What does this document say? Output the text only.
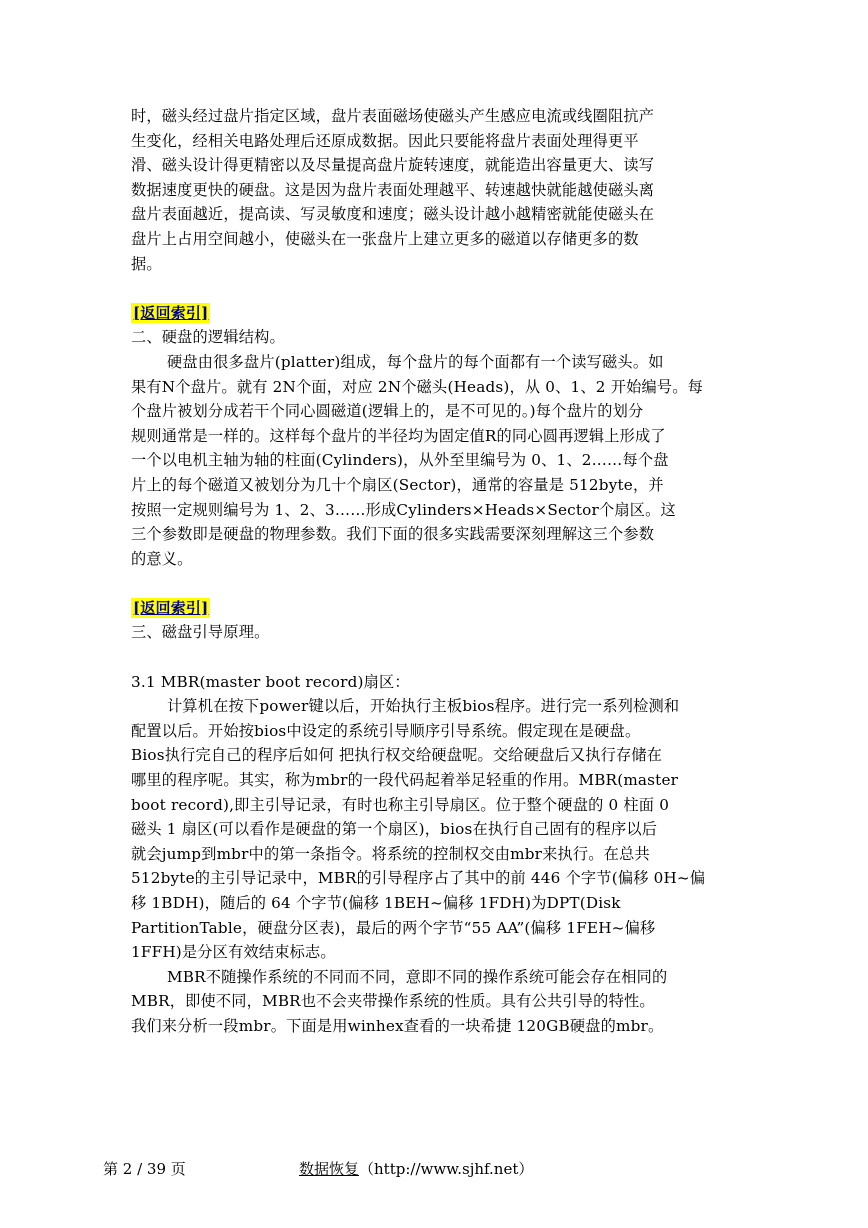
时，磁头经过盘片指定区域，盘片表面磁场使磁头产生感应电流或线圈阻抗产
生变化，经相关电路处理后还原成数据。因此只要能将盘片表面处理得更平
滑、磁头设计得更精密以及尽量提高盘片旋转速度，就能造出容量更大、读写
数据速度更快的硬盘。这是因为盘片表面处理越平、转速越快就能越使磁头离
盘片表面越近，提高读、写灵敏度和速度；磁头设计越小越精密就能使磁头在
盘片上占用空间越小，使磁头在一张盘片上建立更多的磁道以存储更多的数
据。
[返回索引]
二、硬盘的逻辑结构。
硬盘由很多盘片(platter)组成，每个盘片的每个面都有一个读写磁头。如
果有N个盘片。就有 2N个面，对应 2N个磁头(Heads)，从 0、1、2 开始编号。每
个盘片被划分成若干个同心圆磁道(逻辑上的，是不可见的。)每个盘片的划分
规则通常是一样的。这样每个盘片的半径均为固定值R的同心圆再逻辑上形成了
一个以电机主轴为轴的柱面(Cylinders)，从外至里编号为 0、1、2……每个盘
片上的每个磁道又被划分为几十个扇区(Sector)，通常的容量是 512byte，并
按照一定规则编号为 1、2、3……形成Cylinders×Heads×Sector个扇区。这
三个参数即是硬盘的物理参数。我们下面的很多实践需要深刻理解这三个参数
的意义。
[返回索引]
三、磁盘引导原理。
3.1 MBR(master boot record)扇区：
计算机在按下power键以后，开始执行主板bios程序。进行完一系列检测和
配置以后。开始按bios中设定的系统引导顺序引导系统。假定现在是硬盘。
Bios执行完自己的程序后如何 把执行权交给硬盘呢。交给硬盘后又执行存储在
哪里的程序呢。其实，称为mbr的一段代码起着举足轻重的作用。MBR(master
boot record),即主引导记录，有时也称主引导扇区。位于整个硬盘的 0 柱面 0
磁头 1 扇区(可以看作是硬盘的第一个扇区)，bios在执行自己固有的程序以后
就会jump到mbr中的第一条指令。将系统的控制权交由mbr来执行。在总共
512byte的主引导记录中，MBR的引导程序占了其中的前 446 个字节(偏移 0H~偏
移 1BDH)，随后的 64 个字节(偏移 1BEH~偏移 1FDH)为DPT(Disk
PartitionTable，硬盘分区表)，最后的两个字节“55 AA”(偏移 1FEH~偏移
1FFH)是分区有效结束标志。
MBR不随操作系统的不同而不同，意即不同的操作系统可能会存在相同的
MBR，即使不同，MBR也不会夹带操作系统的性质。具有公共引导的特性。
我们来分析一段mbr。下面是用winhex查看的一块希捷 120GB硬盘的mbr。
第 2 / 39 页	数据恢复（http://www.sjhf.net）
